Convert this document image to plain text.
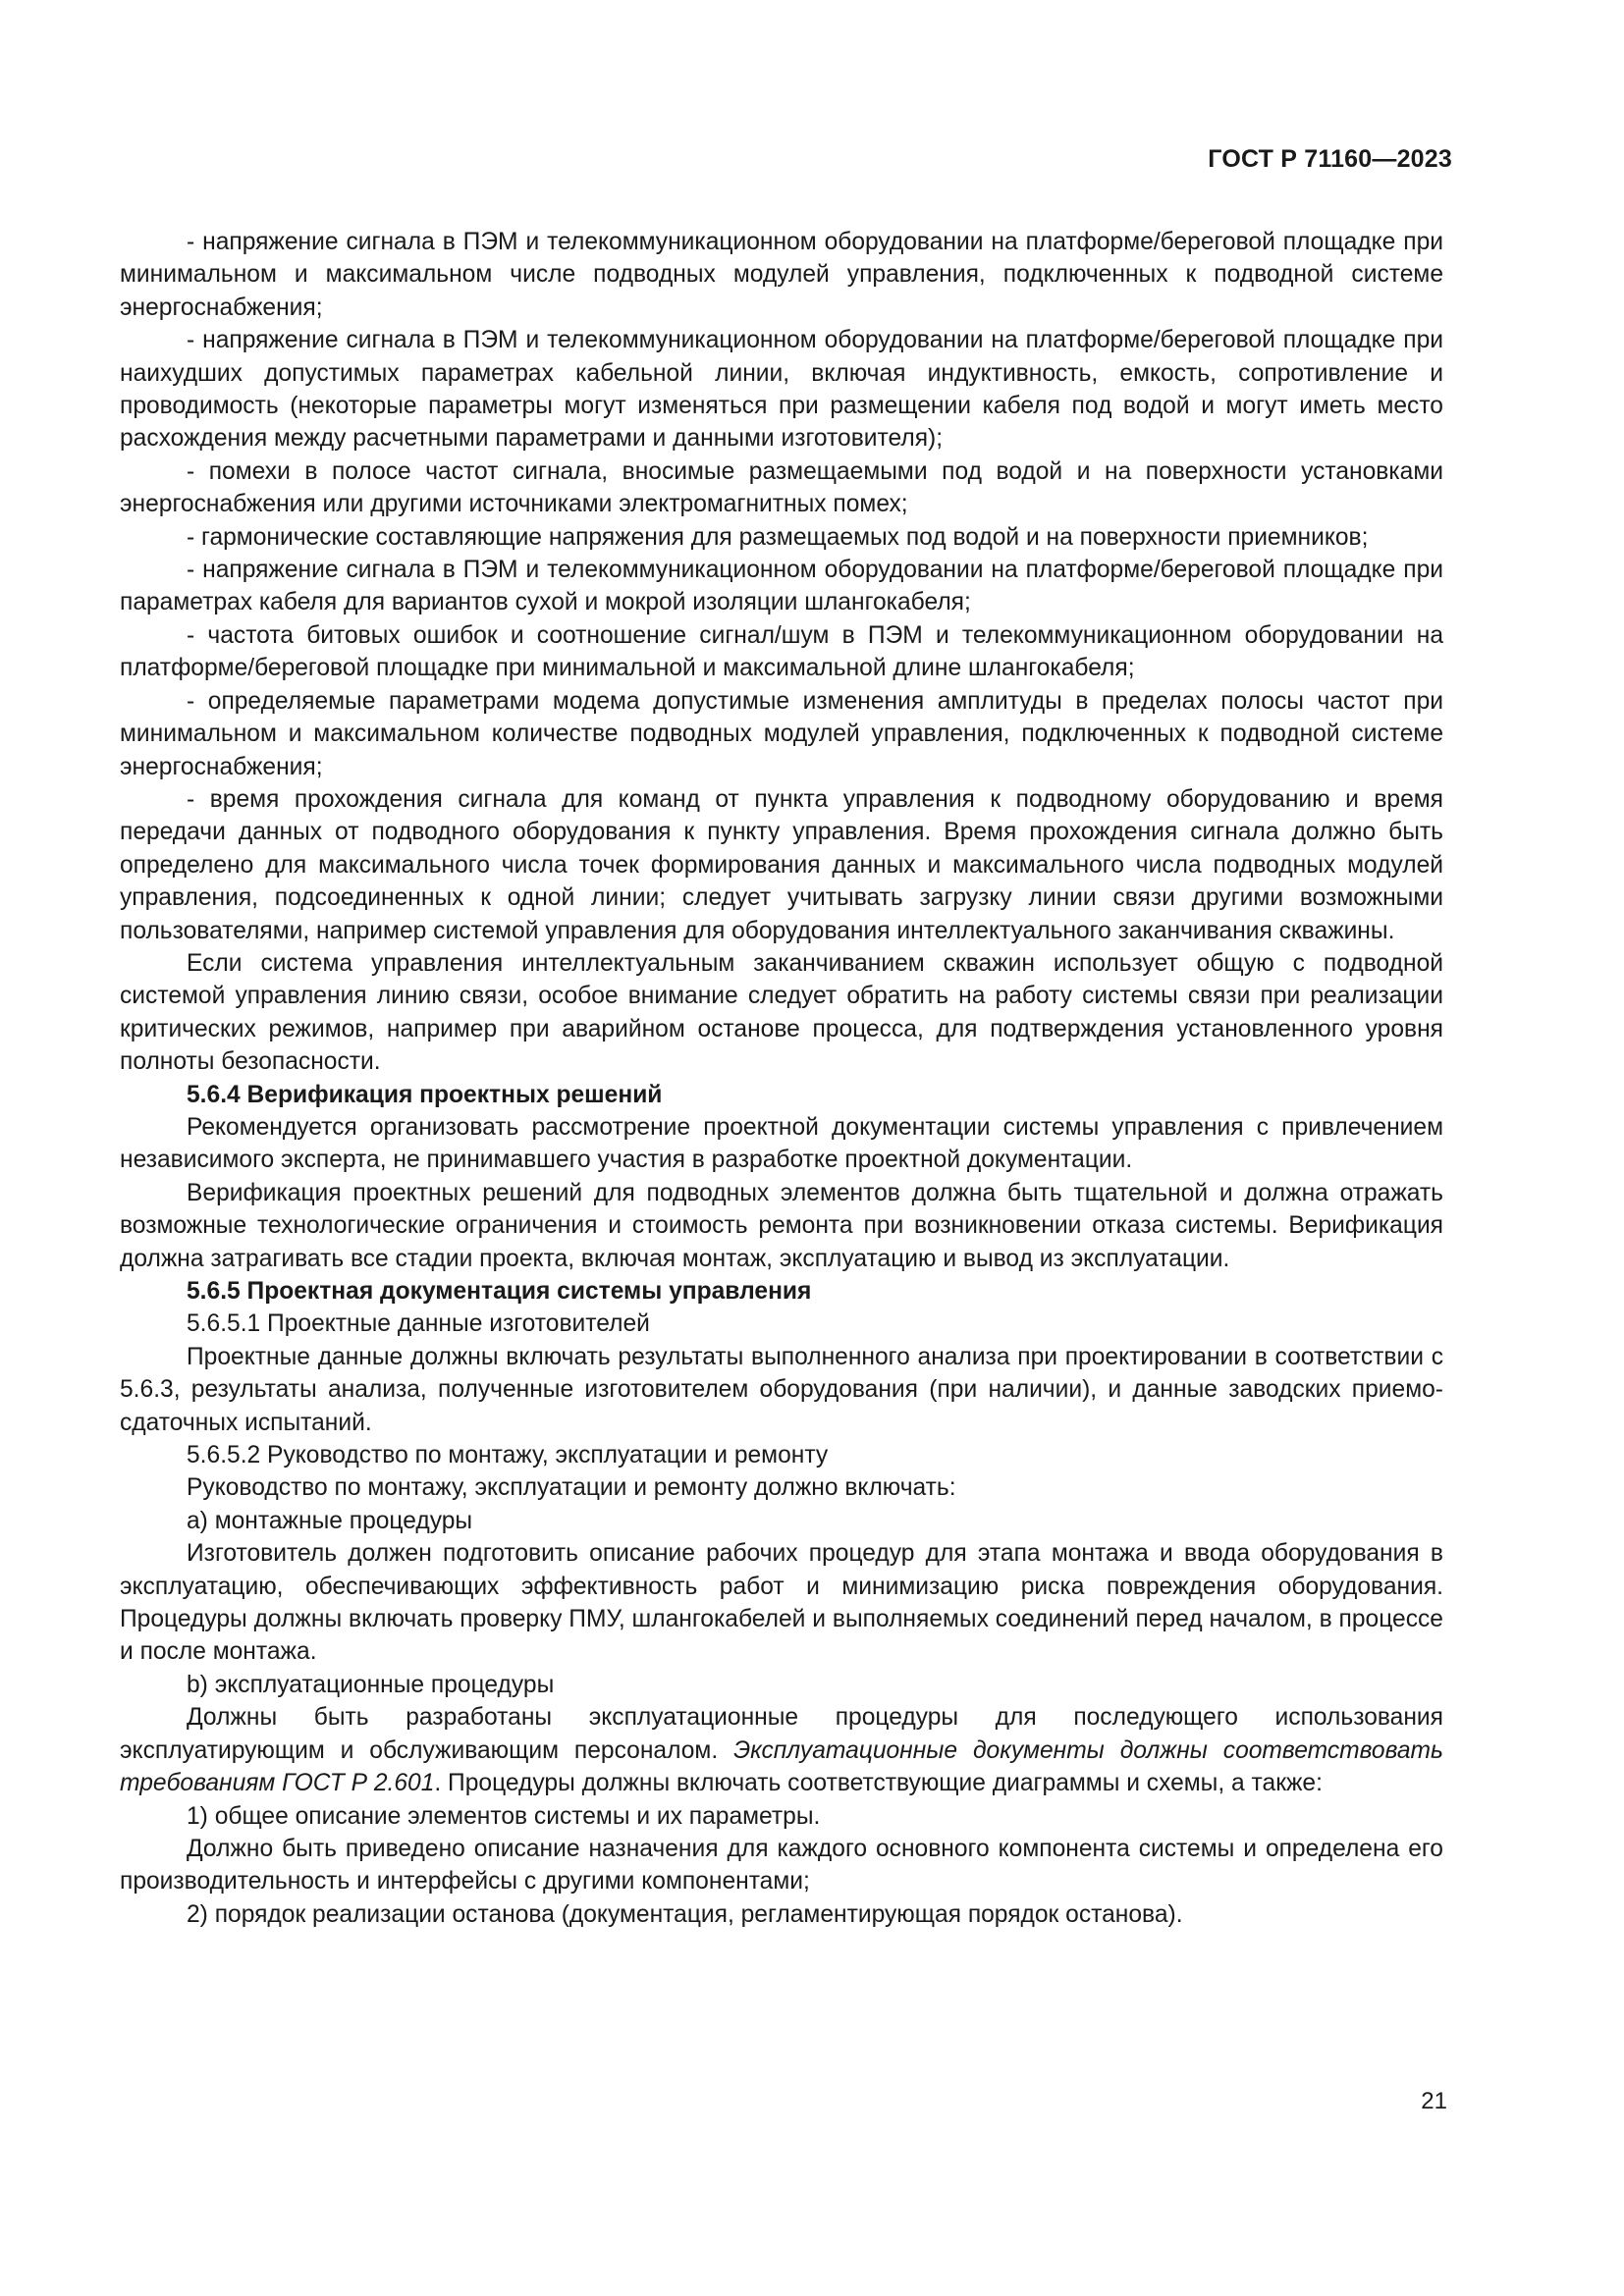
ГОСТ Р 71160—2023

- напряжение сигнала в ПЭМ и телекоммуникационном оборудовании на платформе/береговой площадке при минимальном и максимальном числе подводных модулей управления, подключенных к подводной системе энергоснабжения;

- напряжение сигнала в ПЭМ и телекоммуникационном оборудовании на платформе/береговой площадке при наихудших допустимых параметрах кабельной линии, включая индуктивность, емкость, сопротивление и проводимость (некоторые параметры могут изменяться при размещении кабеля под водой и могут иметь место расхождения между расчетными параметрами и данными изготовителя);

- помехи в полосе частот сигнала, вносимые размещаемыми под водой и на поверхности установками энергоснабжения или другими источниками электромагнитных помех;

- гармонические составляющие напряжения для размещаемых под водой и на поверхности приемников;

- напряжение сигнала в ПЭМ и телекоммуникационном оборудовании на платформе/береговой площадке при параметрах кабеля для вариантов сухой и мокрой изоляции шлангокабеля;

- частота битовых ошибок и соотношение сигнал/шум в ПЭМ и телекоммуникационном оборудовании на платформе/береговой площадке при минимальной и максимальной длине шлангокабеля;

- определяемые параметрами модема допустимые изменения амплитуды в пределах полосы частот при минимальном и максимальном количестве подводных модулей управления, подключенных к подводной системе энергоснабжения;

- время прохождения сигнала для команд от пункта управления к подводному оборудованию и время передачи данных от подводного оборудования к пункту управления. Время прохождения сигнала должно быть определено для максимального числа точек формирования данных и максимального числа подводных модулей управления, подсоединенных к одной линии; следует учитывать загрузку линии связи другими возможными пользователями, например системой управления для оборудования интеллектуального заканчивания скважины.

Если система управления интеллектуальным заканчиванием скважин использует общую с подводной системой управления линию связи, особое внимание следует обратить на работу системы связи при реализации критических режимов, например при аварийном останове процесса, для подтверждения установленного уровня полноты безопасности.

5.6.4 Верификация проектных решений

Рекомендуется организовать рассмотрение проектной документации системы управления с привлечением независимого эксперта, не принимавшего участия в разработке проектной документации.

Верификация проектных решений для подводных элементов должна быть тщательной и должна отражать возможные технологические ограничения и стоимость ремонта при возникновении отказа системы. Верификация должна затрагивать все стадии проекта, включая монтаж, эксплуатацию и вывод из эксплуатации.

5.6.5 Проектная документация системы управления

5.6.5.1 Проектные данные изготовителей

Проектные данные должны включать результаты выполненного анализа при проектировании в соответствии с 5.6.3, результаты анализа, полученные изготовителем оборудования (при наличии), и данные заводских приемо-сдаточных испытаний.

5.6.5.2 Руководство по монтажу, эксплуатации и ремонту

Руководство по монтажу, эксплуатации и ремонту должно включать:

a) монтажные процедуры

Изготовитель должен подготовить описание рабочих процедур для этапа монтажа и ввода оборудования в эксплуатацию, обеспечивающих эффективность работ и минимизацию риска повреждения оборудования. Процедуры должны включать проверку ПМУ, шлангокабелей и выполняемых соединений перед началом, в процессе и после монтажа.

b) эксплуатационные процедуры

Должны быть разработаны эксплуатационные процедуры для последующего использования эксплуатирующим и обслуживающим персоналом. Эксплуатационные документы должны соответствовать требованиям ГОСТ Р 2.601. Процедуры должны включать соответствующие диаграммы и схемы, а также:

1) общее описание элементов системы и их параметры.

Должно быть приведено описание назначения для каждого основного компонента системы и определена его производительность и интерфейсы с другими компонентами;

2) порядок реализации останова (документация, регламентирующая порядок останова).

21
